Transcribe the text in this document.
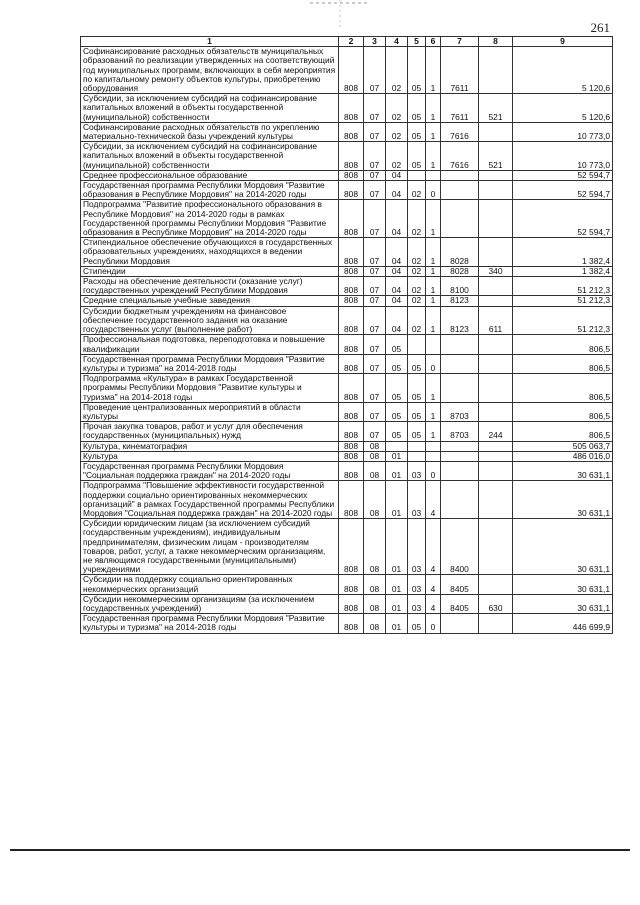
261
1	2	3	4	5	6	7	8	9
Софинансирование расходных обязательств муниципальных образований по реализации утвержденных на соответствующий год муниципальных программ, включающих в себя мероприятия по капитальному ремонту объектов культуры, приобретению оборудования	808	07	02	05	1	7611		5 120,6
Субсидии, за исключением субсидий на софинансирование капитальных вложений в объекты государственной (муниципальной) собственности	808	07	02	05	1	7611	521	5 120,6
Софинансирование расходных обязательств по укреплению материально-технической базы учреждений культуры	808	07	02	05	1	7616		10 773,0
Субсидии, за исключением субсидий на софинансирование капитальных вложений в объекты государственной (муниципальной) собственности	808	07	02	05	1	7616	521	10 773,0
Среднее профессиональное образование	808	07	04					52 594,7
Государственная программа Республики Мордовия "Развитие образования в Республике Мордовия" на 2014-2020 годы	808	07	04	02	0			52 594,7
Подпрограмма "Развитие профессионального образования в Республике Мордовия" на 2014-2020 годы в рамках Государственной программы Республики Мордовия "Развитие образования в Республике Мордовия" на 2014-2020 годы	808	07	04	02	1			52 594,7
Стипендиальное обеспечение обучающихся в государственных образовательных учреждениях, находящихся в ведении Республики Мордовия	808	07	04	02	1	8028		1 382,4
Стипендии	808	07	04	02	1	8028	340	1 382,4
Расходы на обеспечение деятельности (оказание услуг) государственных учреждений Республики Мордовия	808	07	04	02	1	8100		51 212,3
Средние специальные учебные заведения	808	07	04	02	1	8123		51 212,3
Субсидии бюджетным учреждениям на финансовое обеспечение государственного задания на оказание государственных услуг (выполнение работ)	808	07	04	02	1	8123	611	51 212,3
Профессиональная подготовка, переподготовка и повышение квалификации	808	07	05					806,5
Государственная программа Республики Мордовия "Развитие культуры и туризма" на 2014-2018 годы	808	07	05	05	0			806,5
Подпрограмма «Культура» в рамках Государственной программы Республики Мордовия "Развитие культуры и туризма" на 2014-2018 годы	808	07	05	05	1			806,5
Проведение централизованных мероприятий в области культуры	808	07	05	05	1	8703		806,5
Прочая закупка товаров, работ и услуг для обеспечения государственных (муниципальных) нужд	808	07	05	05	1	8703	244	806,5
Культура, кинематография	808	08						505 063,7
Культура	808	08	01					486 016,0
Государственная программа Республики Мордовия "Социальная поддержка граждан" на 2014-2020 годы	808	08	01	03	0			30 631,1
Подпрограмма "Повышение эффективности государственной поддержки социально ориентированных некоммерческих организаций" в рамках Государственной программы Республики Мордовия "Социальная поддержка граждан" на 2014-2020 годы	808	08	01	03	4			30 631,1
Субсидии юридическим лицам (за исключением субсидий государственным учреждениям), индивидуальным предпринимателям, физическим лицам - производителям товаров, работ, услуг, а также некоммерческим организациям, не являющимся государственными (муниципальными) учреждениями	808	08	01	03	4	8400		30 631,1
Субсидии на поддержку социально ориентированных некоммерческих организаций	808	08	01	03	4	8405		30 631,1
Субсидии некоммерческим организациям (за исключением государственных учреждений)	808	08	01	03	4	8405	630	30 631,1
Государственная программа Республики Мордовия "Развитие культуры и туризма" на 2014-2018 годы	808	08	01	05	0			446 699,9
